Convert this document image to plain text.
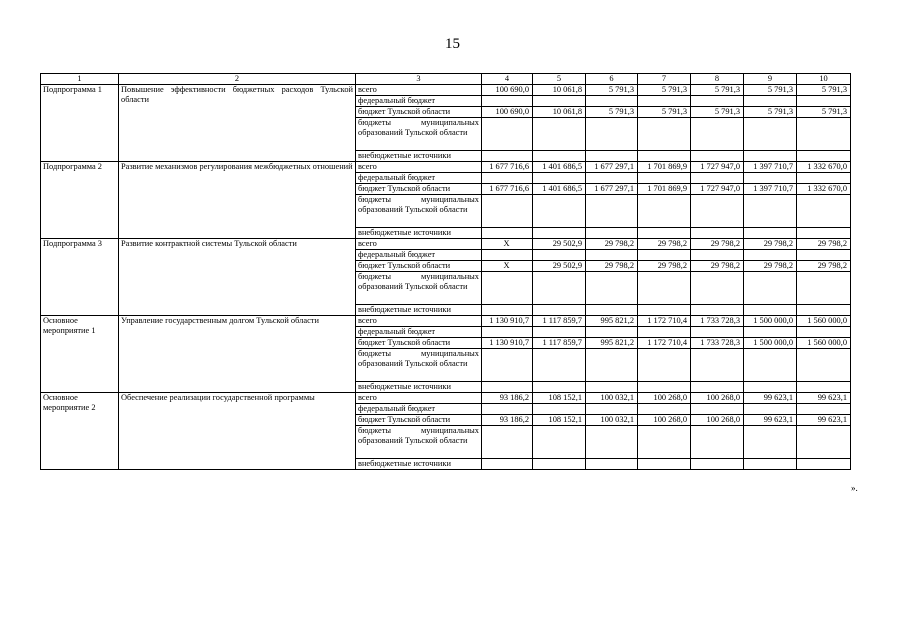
15
1	2	3	4	5	6	7	8	9	10
Подпрограмма 1	Повышение эффективности бюджетных расходов Тульской области	всего	100 690,0	10 061,8	5 791,3	5 791,3	5 791,3	5 791,3	5 791,3
		федеральный бюджет							
		бюджет Тульской области	100 690,0	10 061,8	5 791,3	5 791,3	5 791,3	5 791,3	5 791,3
		бюджеты муниципальных образований Тульской области							
		внебюджетные источники							
Подпрограмма 2	Развитие механизмов регулирования межбюджетных отношений	всего	1 677 716,6	1 401 686,5	1 677 297,1	1 701 869,9	1 727 947,0	1 397 710,7	1 332 670,0
		федеральный бюджет							
		бюджет Тульской области	1 677 716,6	1 401 686,5	1 677 297,1	1 701 869,9	1 727 947,0	1 397 710,7	1 332 670,0
		бюджеты муниципальных образований Тульской области							
		внебюджетные источники							
Подпрограмма 3	Развитие контрактной системы Тульской области	всего	X	29 502,9	29 798,2	29 798,2	29 798,2	29 798,2	29 798,2
		федеральный бюджет							
		бюджет Тульской области	X	29 502,9	29 798,2	29 798,2	29 798,2	29 798,2	29 798,2
		бюджеты муниципальных образований Тульской области							
		внебюджетные источники							
Основное мероприятие 1	Управление государственным долгом Тульской области	всего	1 130 910,7	1 117 859,7	995 821,2	1 172 710,4	1 733 728,3	1 500 000,0	1 560 000,0
		федеральный бюджет							
		бюджет Тульской области	1 130 910,7	1 117 859,7	995 821,2	1 172 710,4	1 733 728,3	1 500 000,0	1 560 000,0
		бюджеты муниципальных образований Тульской области							
		внебюджетные источники							
Основное мероприятие 2	Обеспечение реализации государственной программы	всего	93 186,2	108 152,1	100 032,1	100 268,0	100 268,0	99 623,1	99 623,1
		федеральный бюджет							
		бюджет Тульской области	93 186,2	108 152,1	100 032,1	100 268,0	100 268,0	99 623,1	99 623,1
		бюджеты муниципальных образований Тульской области							
		внебюджетные источники							
».
